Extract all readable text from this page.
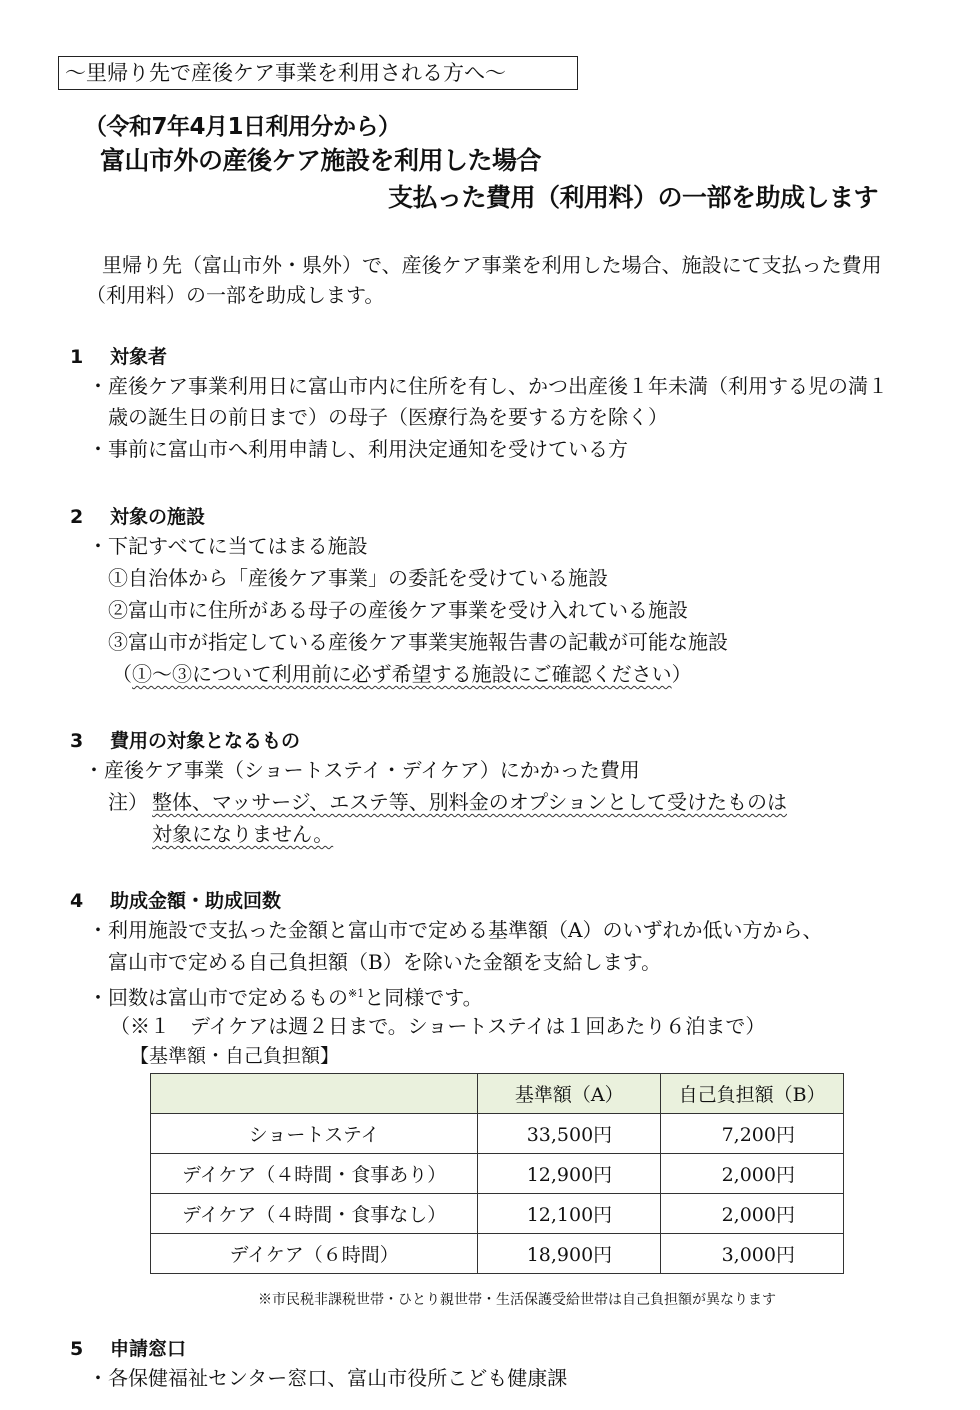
～里帰り先で産後ケア事業を利用される方へ～
（令和7年4月1日利用分から）
富山市外の産後ケア施設を利用した場合
支払った費用（利用料）の一部を助成します
里帰り先（富山市外・県外）で、産後ケア事業を利用した場合、施設にて支払った費用
（利用料）の一部を助成します。
1 対象者
・産後ケア事業利用日に富山市内に住所を有し、かつ出産後１年未満（利用する児の満１
歳の誕生日の前日まで）の母子（医療行為を要する方を除く）
・事前に富山市へ利用申請し、利用決定通知を受けている方
2 対象の施設
・下記すべてに当てはまる施設
①自治体から「産後ケア事業」の委託を受けている施設
②富山市に住所がある母子の産後ケア事業を受け入れている施設
③富山市が指定している産後ケア事業実施報告書の記載が可能な施設
（①～③について利用前に必ず希望する施設にご確認ください）
3 費用の対象となるもの
・産後ケア事業（ショートステイ・デイケア）にかかった費用
注） 整体、マッサージ、エステ等、別料金のオプションとして受けたものは
対象になりません。
4 助成金額・助成回数
・利用施設で支払った金額と富山市で定める基準額（A）のいずれか低い方から、
富山市で定める自己負担額（B）を除いた金額を支給します。
・回数は富山市で定めるもの$^{※1}$と同様です。
（※１　デイケアは週２日まで。ショートステイは１回あたり６泊まで）
【基準額・自己負担額】
	基準額（A）	自己負担額（B）
ショートステイ	33,500円	7,200円
デイケア（４時間・食事あり）	12,900円	2,000円
デイケア（４時間・食事なし）	12,100円	2,000円
デイケア（６時間）	18,900円	3,000円
※市民税非課税世帯・ひとり親世帯・生活保護受給世帯は自己負担額が異なります
5 申請窓口
・各保健福祉センター窓口、富山市役所こども健康課
